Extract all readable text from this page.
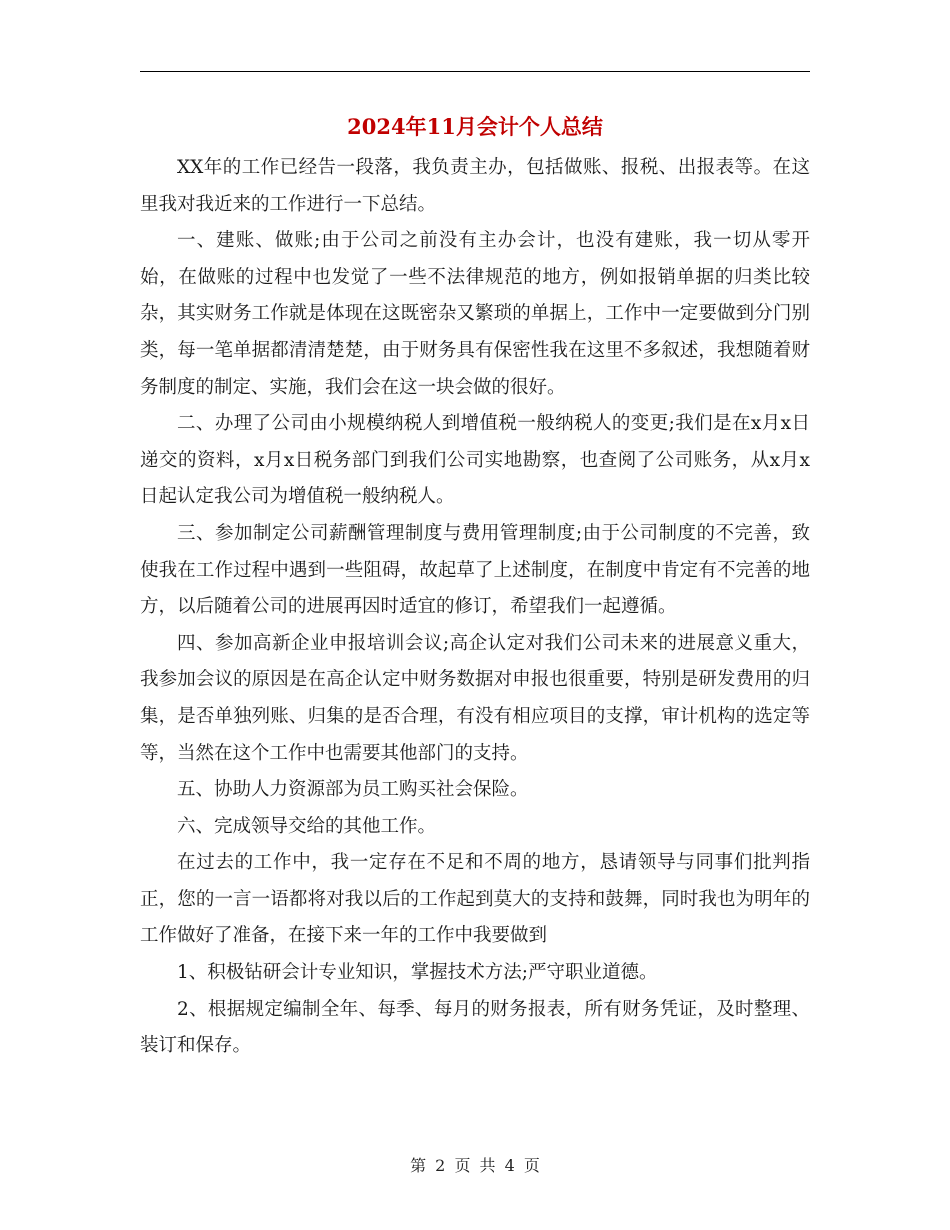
2024年11月会计个人总结

XX年的工作已经告一段落，我负责主办，包括做账、报税、出报表等。在这里我对我近来的工作进行一下总结。

一、建账、做账;由于公司之前没有主办会计，也没有建账，我一切从零开始，在做账的过程中也发觉了一些不法律规范的地方，例如报销单据的归类比较杂，其实财务工作就是体现在这既密杂又繁琐的单据上，工作中一定要做到分门别类，每一笔单据都清清楚楚，由于财务具有保密性我在这里不多叙述，我想随着财务制度的制定、实施，我们会在这一块会做的很好。

二、办理了公司由小规模纳税人到增值税一般纳税人的变更;我们是在x月x日递交的资料，x月x日税务部门到我们公司实地勘察，也查阅了公司账务，从x月x日起认定我公司为增值税一般纳税人。

三、参加制定公司薪酬管理制度与费用管理制度;由于公司制度的不完善，致使我在工作过程中遇到一些阻碍，故起草了上述制度，在制度中肯定有不完善的地方，以后随着公司的进展再因时适宜的修订，希望我们一起遵循。

四、参加高新企业申报培训会议;高企认定对我们公司未来的进展意义重大，我参加会议的原因是在高企认定中财务数据对申报也很重要，特别是研发费用的归集，是否单独列账、归集的是否合理，有没有相应项目的支撑，审计机构的选定等等，当然在这个工作中也需要其他部门的支持。

五、协助人力资源部为员工购买社会保险。

六、完成领导交给的其他工作。

在过去的工作中，我一定存在不足和不周的地方，恳请领导与同事们批判指正，您的一言一语都将对我以后的工作起到莫大的支持和鼓舞，同时我也为明年的工作做好了准备，在接下来一年的工作中我要做到

1、积极钻研会计专业知识，掌握技术方法;严守职业道德。

2、根据规定编制全年、每季、每月的财务报表，所有财务凭证，及时整理、装订和保存。

第 2 页 共 4 页
